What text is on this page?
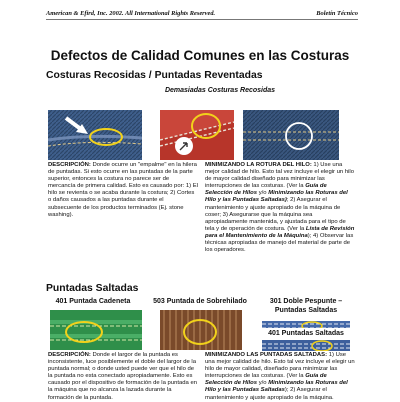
American & Efird, Inc. 2002. All International Rights Reserved.	Boletín Técnico
Defectos de Calidad Comunes en las Costuras
Costuras Recosidas / Puntadas Reventadas
Demasiadas Costuras Recosidas
DESCRIPCIÓN: Donde ocurre un "empalme" en la hilera de puntadas. Si esto ocurre en las puntadas de la parte superior, entonces la costura no parece ser de mercancía de primera calidad. Esto es causado por: 1) El hilo se revienta o se acaba durante la costura; 2) Cortes o daños causados a las puntadas durante el subsecuente de los productos terminados (Ej. stone washing).
MINIMIZANDO LA ROTURA DEL HILO: 1) Use una mejor calidad de hilo. Esto tal vez incluye el elegir un hilo de mayor calidad diseñado para minimizar las interrupciones de las costuras. (Ver la Guía de Selección de Hilos y/o Minimizando las Roturas del Hilo y las Puntadas Saltadas); 2) Asegurar el mantenimiento y ajuste apropiado de la máquina de coser; 3) Asegurarse que la máquina sea apropiadamente mantenida, y ajustada para el tipo de tela y de operación de costura. (Ver la Lista de Revisión para el Mantenimiento de la Máquina); 4) Observar las técnicas apropiadas de manejo del material de parte de los operadores.
Puntadas Saltadas
401 Puntada Cadeneta	503 Puntada de Sobrehilado	301 Doble Pespunte – Puntadas Saltadas
401 Puntadas Saltadas
DESCRIPCIÓN: Donde el largor de la puntada es inconsistente, luce posiblemente el doble del largor de la puntada normal; o donde usted puede ver que el hilo de la puntada no esta conectado apropiadamente. Esto es causado por el dispositivo de formación de la puntada en la máquina que no alcanza la lazada durante la formación de la puntada.
MINIMIZANDO LAS PUNTADAS SALTADAS: 1) Use una mejor calidad de hilo. Esto tal vez incluye el elegir un hilo de mayor calidad, diseñado para minimizar las interrupciones de las costuras. (Ver la Guía de Selección de Hilos y/o Minimizando las Roturas del Hilo y las Puntadas Saltadas); 2) Asegurar el mantenimiento y ajuste apropiado de la máquina.
